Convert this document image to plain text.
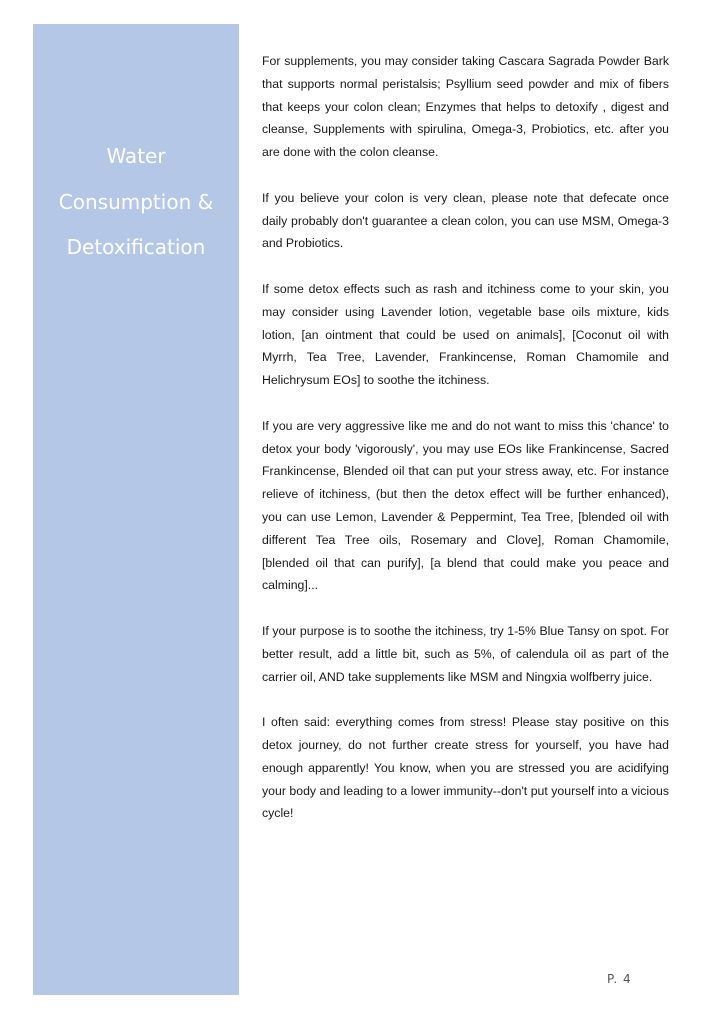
Water
Consumption &
Detoxification

For supplements, you may consider taking Cascara Sagrada Powder Bark that supports normal peristalsis; Psyllium seed powder and mix of fibers that keeps your colon clean; Enzymes that helps to detoxify , digest and cleanse, Supplements with spirulina, Omega-3, Probiotics, etc. after you are done with the colon cleanse.

If you believe your colon is very clean, please note that defecate once daily probably don't guarantee a clean colon, you can use MSM, Omega-3 and Probiotics.

If some detox effects such as rash and itchiness come to your skin, you may consider using Lavender lotion, vegetable base oils mixture, kids lotion, [an ointment that could be used on animals], [Coconut oil with Myrrh, Tea Tree, Lavender, Frankincense, Roman Chamomile and Helichrysum EOs] to soothe the itchiness.

If you are very aggressive like me and do not want to miss this 'chance' to detox your body 'vigorously', you may use EOs like Frankincense, Sacred Frankincense, Blended oil that can put your stress away, etc. For instance relieve of itchiness, (but then the detox effect will be further enhanced), you can use Lemon, Lavender & Peppermint, Tea Tree, [blended oil with different Tea Tree oils, Rosemary and Clove], Roman Chamomile, [blended oil that can purify], [a blend that could make you peace and calming]...

If your purpose is to soothe the itchiness, try 1-5% Blue Tansy on spot. For better result, add a little bit, such as 5%, of calendula oil as part of the carrier oil, AND take supplements like MSM and Ningxia wolfberry juice.

I often said: everything comes from stress! Please stay positive on this detox journey, do not further create stress for yourself, you have had enough apparently! You know, when you are stressed you are acidifying your body and leading to a lower immunity--don't put yourself into a vicious cycle!

P. 4
